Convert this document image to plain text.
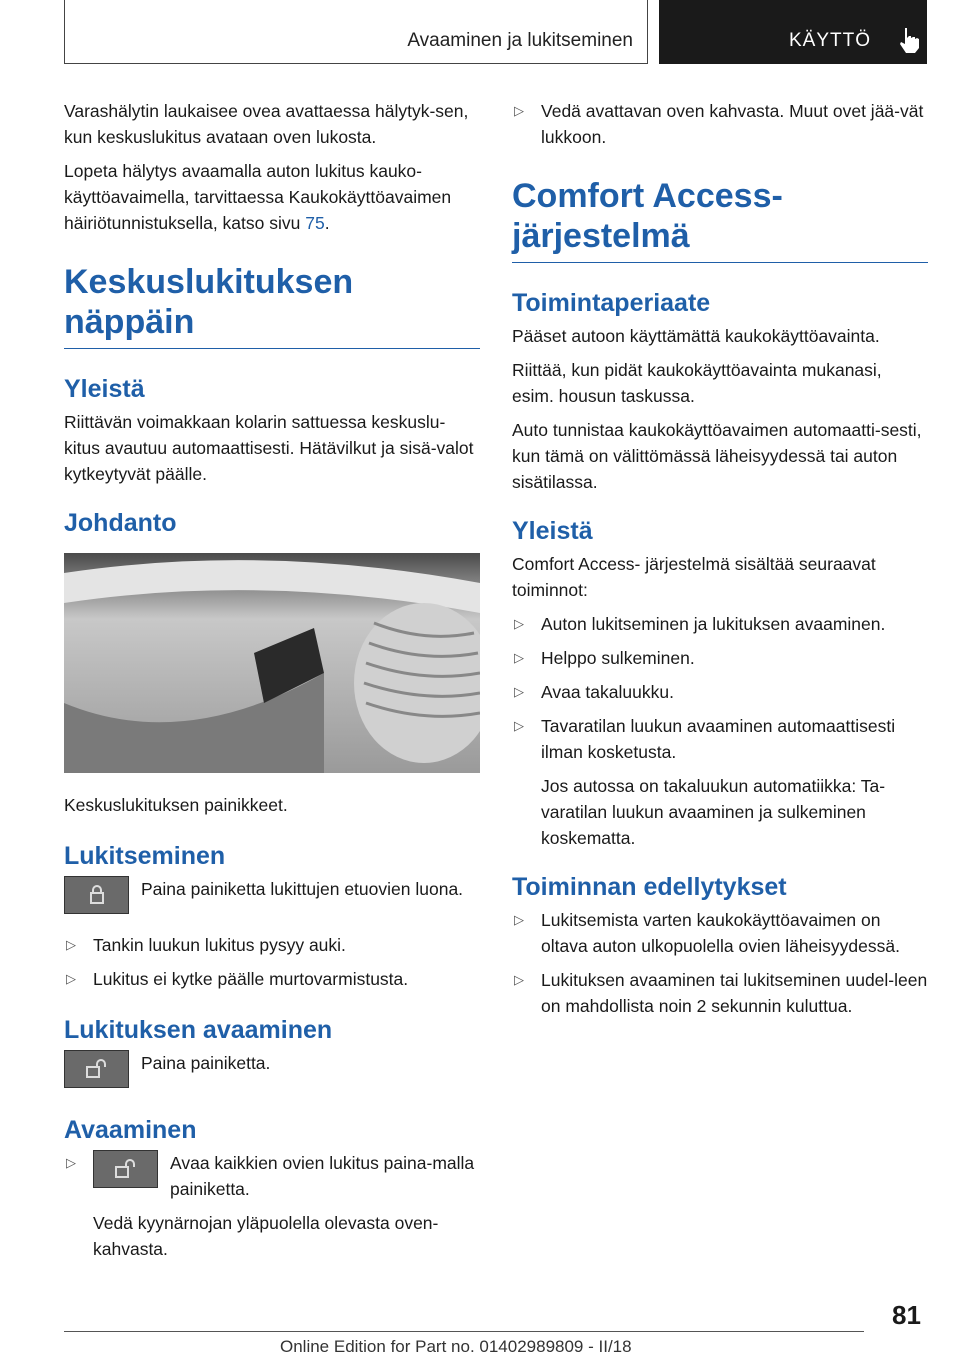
Avaaminen ja lukitseminen	KÄYTTÖ

Varashälytin laukaisee ovea avattaessa hälytyk-sen, kun keskuslukitus avataan oven lukosta.

Lopeta hälytys avaamalla auton lukitus kauko-käyttöavaimella, tarvittaessa Kaukokäyttöavaimen häiriötunnistuksella, katso sivu 75.

Keskuslukituksen näppäin
Yleistä

Riittävän voimakkaan kolarin sattuessa keskuslu-kitus avautuu automaattisesti. Hätävilkut ja sisä-valot kytkeytyvät päälle.

Johdanto

Keskuslukituksen painikkeet.

Lukitseminen

Paina painiketta lukittujen etuovien luona.

▷ Tankin luukun lukitus pysyy auki.
▷ Lukitus ei kytke päälle murtovarmistusta.
Lukituksen avaaminen

Paina painiketta.

Avaaminen
▷	Avaa kaikkien ovien lukitus paina-malla painiketta.

Vedä kyynärnojan yläpuolella olevasta oven-kahvasta.

▷ Vedä avattavan oven kahvasta. Muut ovet jää-vät lukkoon.
Comfort Access-
järjestelmä
Toimintaperiaate

Pääset autoon käyttämättä kaukokäyttöavainta.

Riittää, kun pidät kaukokäyttöavainta mukanasi, esim. housun taskussa.

Auto tunnistaa kaukokäyttöavaimen automaatti-sesti, kun tämä on välittömässä läheisyydessä tai auton sisätilassa.

Yleistä

Comfort Access- järjestelmä sisältää seuraavat toiminnot:

▷ Auton lukitseminen ja lukituksen avaaminen.
▷ Helppo sulkeminen.
▷ Avaa takaluukku.
▷ Tavaratilan luukun avaaminen automaattisesti ilman kosketusta.

Jos autossa on takaluukun automatiikka: Ta-varatilan luukun avaaminen ja sulkeminen koskematta.

Toiminnan edellytykset
▷ Lukitsemista varten kaukokäyttöavaimen on oltava auton ulkopuolella ovien läheisyydessä.
▷ Lukituksen avaaminen tai lukitseminen uudel-leen on mahdollista noin 2 sekunnin kuluttua.
81
Online Edition for Part no. 01402989809 - II/18
